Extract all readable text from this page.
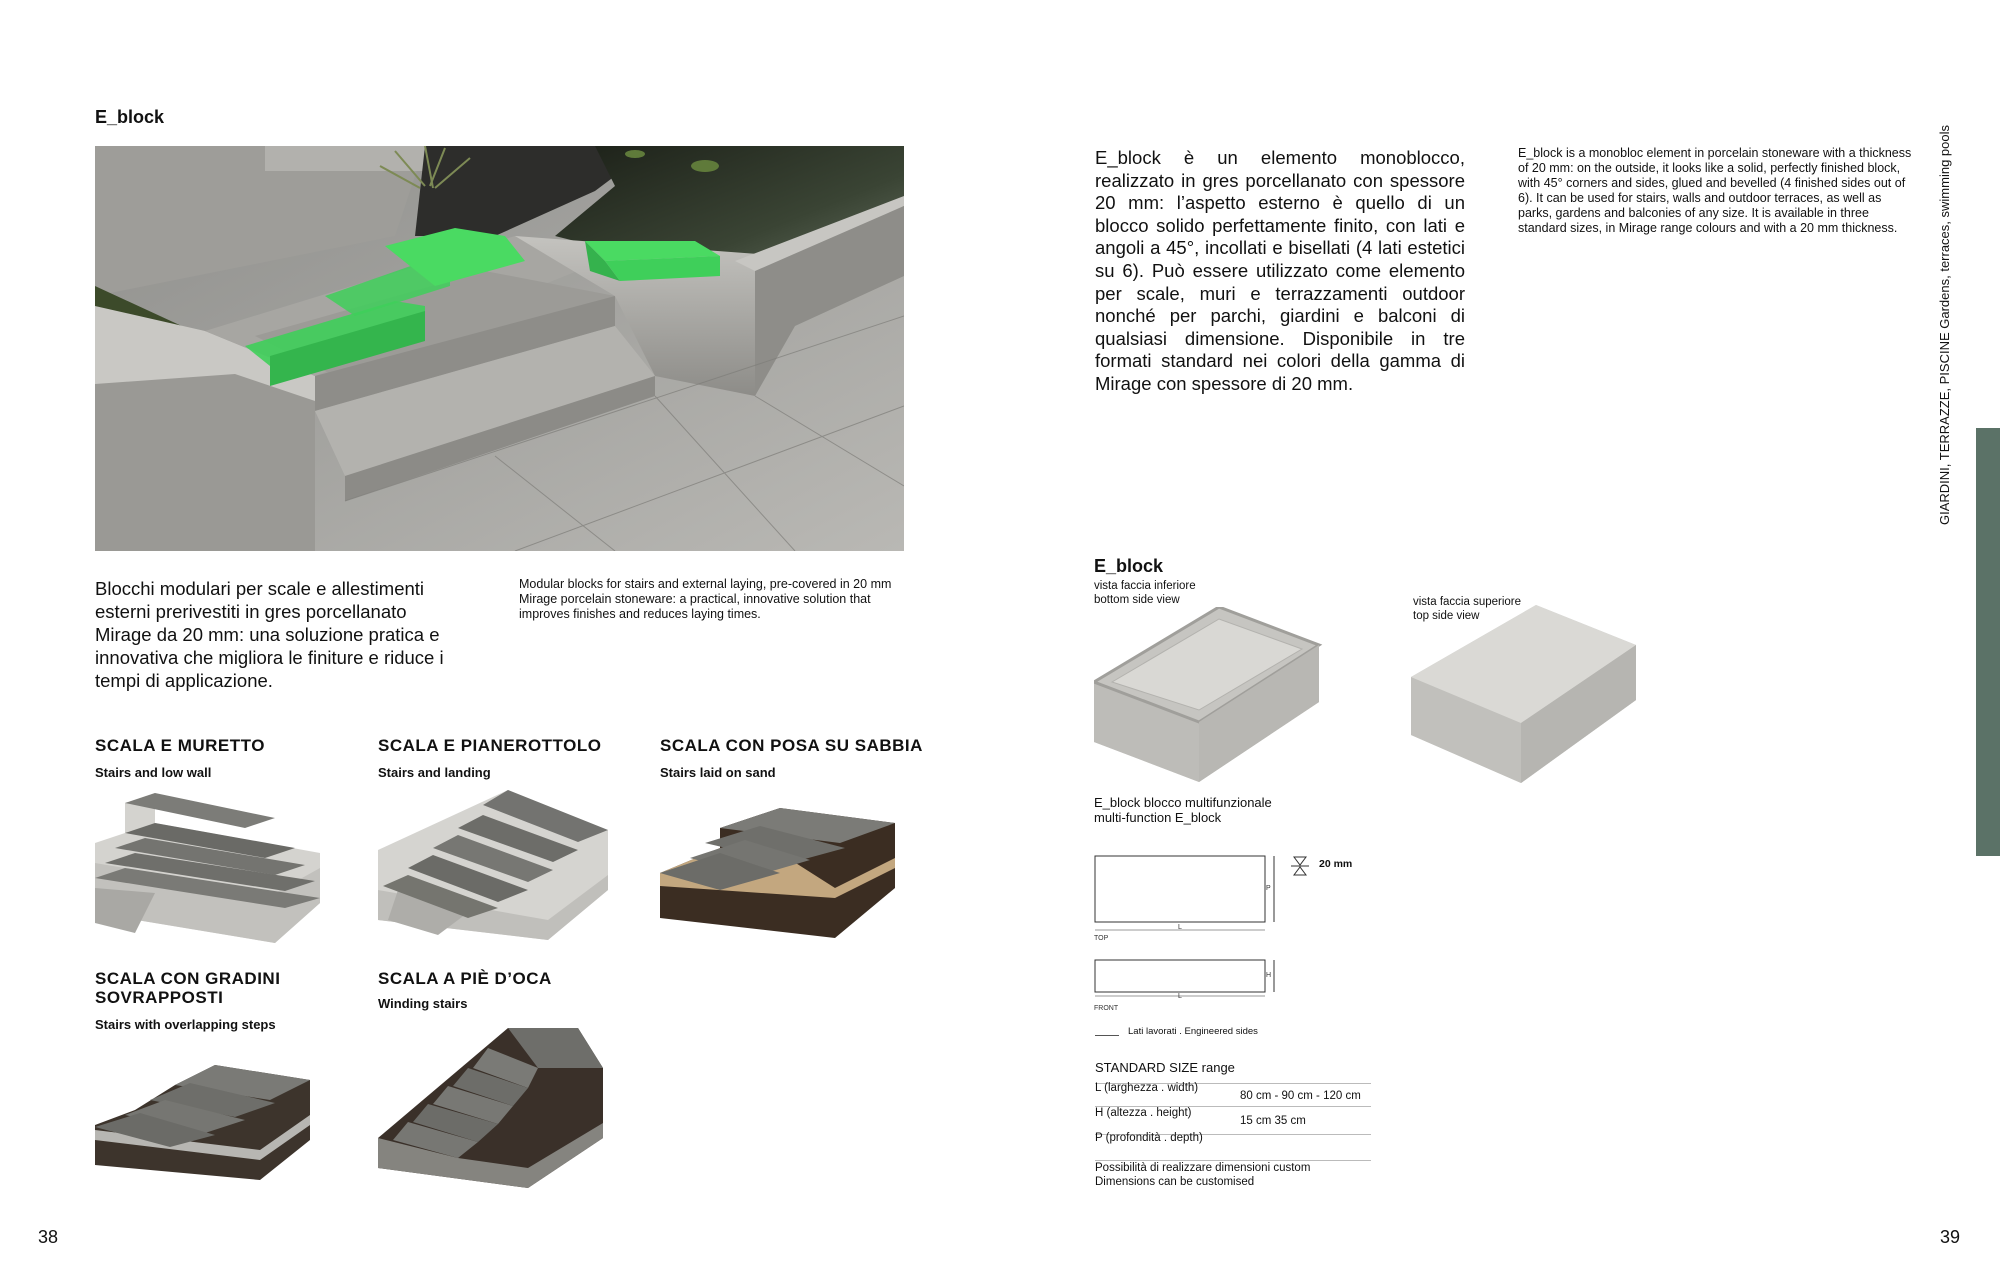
E_block
Blocchi modulari per scale e allestimenti esterni prerivestiti in gres porcellanato Mirage da 20 mm: una soluzione pratica e innovativa che migliora le finiture e riduce i tempi di applicazione.
Modular blocks for stairs and external laying, pre-covered in 20 mm Mirage porcelain stoneware: a practical, innovative solution that improves finishes and reduces laying times.
SCALA E MURETTO
Stairs and low wall
SCALA E PIANEROTTOLO
Stairs and landing
SCALA CON POSA SU SABBIA
Stairs laid on sand
SCALA CON GRADINI SOVRAPPOSTI
Stairs with overlapping steps
SCALA A PIÈ D’OCA
Winding stairs
38
E_block è un elemento monoblocco, realizzato in gres porcellanato con spessore 20 mm: l’aspetto esterno è quello di un blocco solido perfettamente finito, con lati e angoli a 45°, incollati e bisellati (4 lati estetici su 6). Può essere utilizzato come elemento per scale, muri e terrazzamenti outdoor nonché per parchi, giardini e balconi di qualsiasi dimensione. Disponibile in tre formati standard nei colori della gamma di Mirage con spessore di 20 mm.
E_block is a monobloc element in porcelain stoneware with a thickness of 20 mm: on the outside, it looks like a solid, perfectly finished block, with 45° corners and sides, glued and bevelled (4 finished sides out of 6). It can be used for stairs, walls and outdoor terraces, as well as parks, gardens and balconies of any size. It is available in three standard sizes, in Mirage range colours and with a 20 mm thickness.	GIARDINI, TERRAZZE, PISCINE Gardens, terraces, swimming pools
E_block
vista faccia inferiore
bottom side view	vista faccia superiore
top side view
E_block blocco multifunzionale
multi-function E_block
L
P
TOP
L
H
FRONT
20 mm
Lati lavorati . Engineered sides
STANDARD SIZE range
L (larghezza . width)
80 cm - 90 cm - 120 cm
H (altezza . height)
15 cm 35 cm
P (profondità . depth)
Possibilità di realizzare dimensioni custom
Dimensions can be customised
39
